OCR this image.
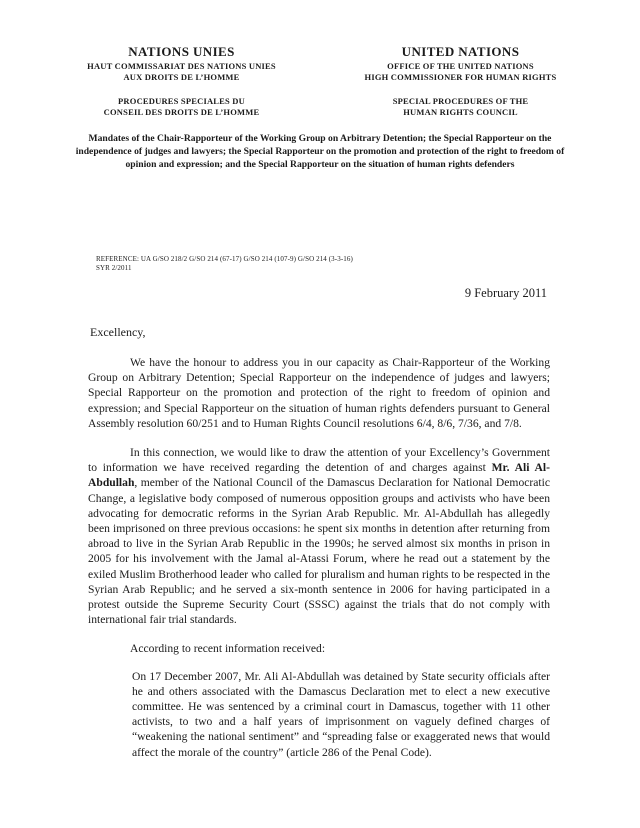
NATIONS UNIES
HAUT COMMISSARIAT DES NATIONS UNIES
AUX DROITS DE L’HOMME
PROCEDURES SPECIALES DU
CONSEIL DES DROITS DE L’HOMME
UNITED NATIONS
OFFICE OF THE UNITED NATIONS
HIGH COMMISSIONER FOR HUMAN RIGHTS
SPECIAL PROCEDURES OF THE
HUMAN RIGHTS COUNCIL
Mandates of the Chair-Rapporteur of the Working Group on Arbitrary Detention; the Special Rapporteur on the independence of judges and lawyers; the Special Rapporteur on the promotion and protection of the right to freedom of opinion and expression; and the Special Rapporteur on the situation of human rights defenders
REFERENCE: UA G/SO 218/2 G/SO 214 (67-17) G/SO 214 (107-9) G/SO 214 (3-3-16)
SYR 2/2011
9 February 2011
Excellency,

We have the honour to address you in our capacity as Chair-Rapporteur of the Working Group on Arbitrary Detention; Special Rapporteur on the independence of judges and lawyers; Special Rapporteur on the promotion and protection of the right to freedom of opinion and expression; and Special Rapporteur on the situation of human rights defenders pursuant to General Assembly resolution 60/251 and to Human Rights Council resolutions 6/4, 8/6, 7/36, and 7/8.

In this connection, we would like to draw the attention of your Excellency’s Government to information we have received regarding the detention of and charges against Mr. Ali Al-Abdullah, member of the National Council of the Damascus Declaration for National Democratic Change, a legislative body composed of numerous opposition groups and activists who have been advocating for democratic reforms in the Syrian Arab Republic. Mr. Al-Abdullah has allegedly been imprisoned on three previous occasions: he spent six months in detention after returning from abroad to live in the Syrian Arab Republic in the 1990s; he served almost six months in prison in 2005 for his involvement with the Jamal al-Atassi Forum, where he read out a statement by the exiled Muslim Brotherhood leader who called for pluralism and human rights to be respected in the Syrian Arab Republic; and he served a six-month sentence in 2006 for having participated in a protest outside the Supreme Security Court (SSSC) against the trials that do not comply with international fair trial standards.

According to recent information received:

On 17 December 2007, Mr. Ali Al-Abdullah was detained by State security officials after he and others associated with the Damascus Declaration met to elect a new executive committee. He was sentenced by a criminal court in Damascus, together with 11 other activists, to two and a half years of imprisonment on vaguely defined charges of “weakening the national sentiment” and “spreading false or exaggerated news that would affect the morale of the country” (article 286 of the Penal Code).
